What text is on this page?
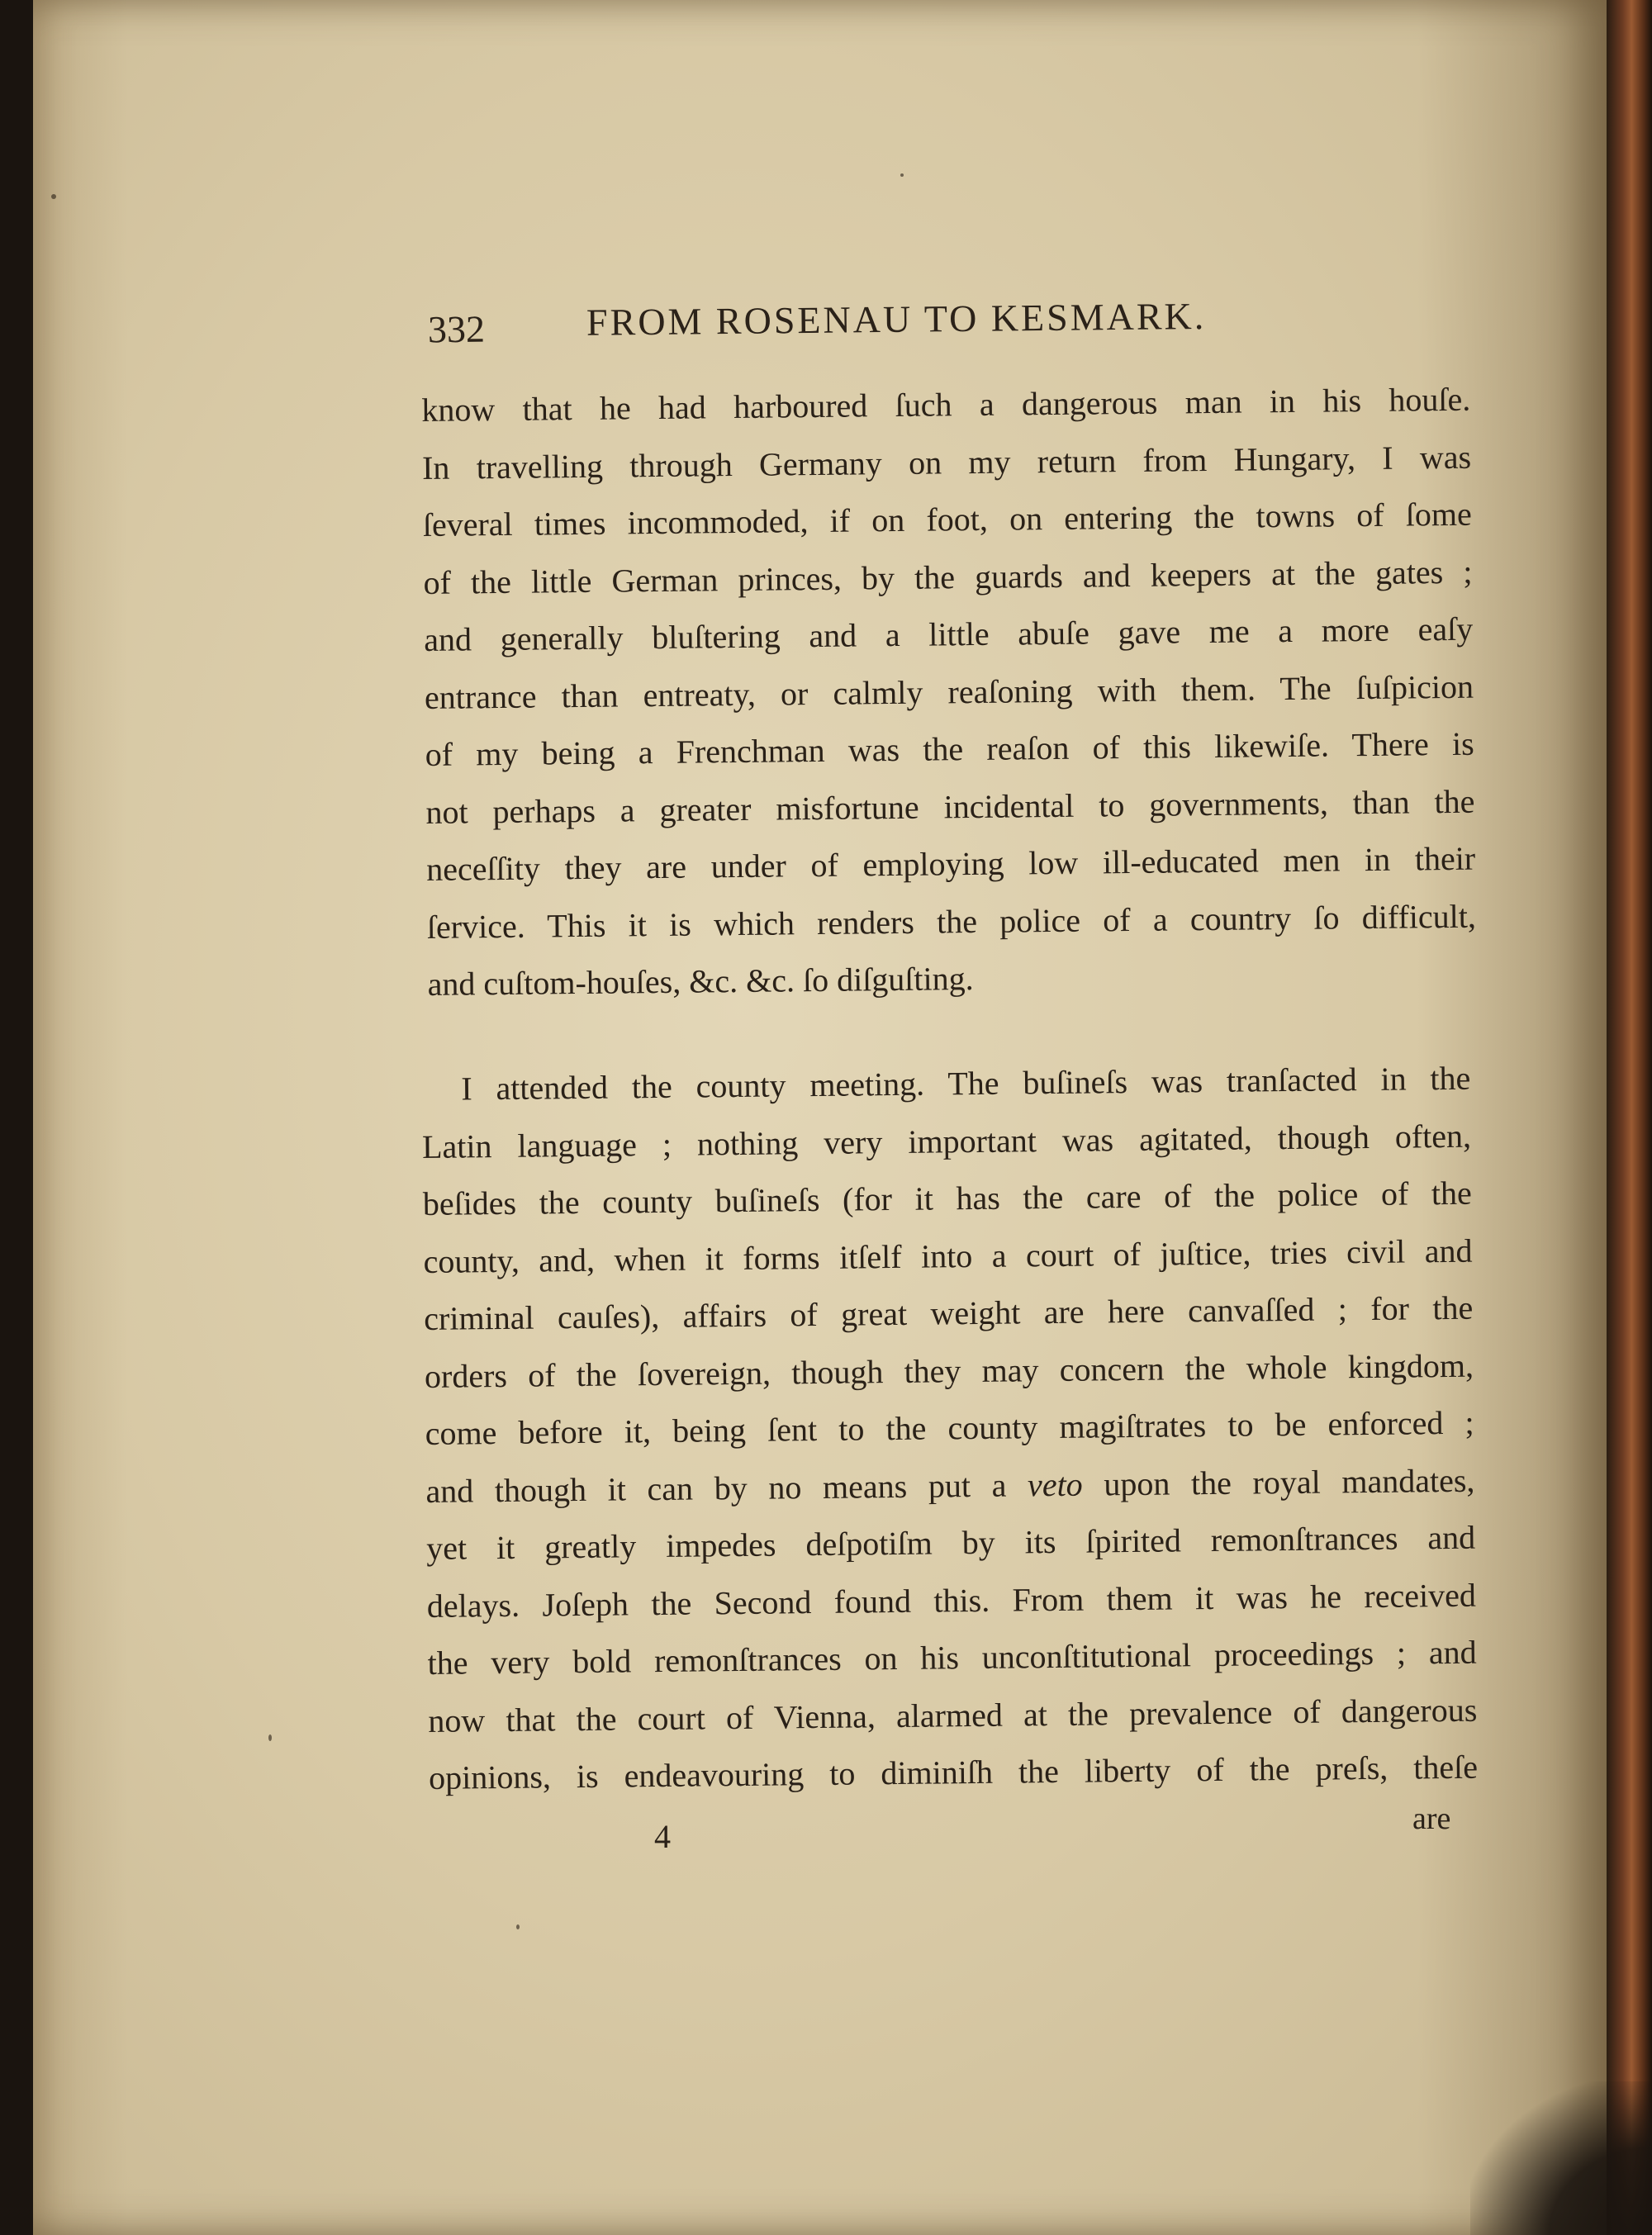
332	FROM ROSENAU TO KESMARK.
know that he had harboured ſuch a dangerous man in his houſe.
In travelling through Germany on my return from Hungary, I was
ſeveral times incommoded, if on foot, on entering the towns of ſome
of the little German princes, by the guards and keepers at the gates ;
and generally bluſtering and a little abuſe gave me a more eaſy
entrance than entreaty, or calmly reaſoning with them. The ſuſpicion
of my being a Frenchman was the reaſon of this likewiſe. There is
not perhaps a greater misfortune incidental to governments, than the
neceſſity they are under of employing low ill-educated men in their
ſervice. This it is which renders the police of a country ſo difficult,
and cuſtom-houſes, &c. &c. ſo diſguſting.
I attended the county meeting. The buſineſs was tranſacted in the
Latin language ; nothing very important was agitated, though often,
beſides the county buſineſs (for it has the care of the police of the
county, and, when it forms itſelf into a court of juſtice, tries civil and
criminal cauſes), affairs of great weight are here canvaſſed ; for the
orders of the ſovereign, though they may concern the whole kingdom,
come before it, being ſent to the county magiſtrates to be enforced ;
and though it can by no means put a veto upon the royal mandates,
yet it greatly impedes deſpotiſm by its ſpirited remonſtrances and
delays. Joſeph the Second found this. From them it was he received
the very bold remonſtrances on his unconſtitutional proceedings ; and
now that the court of Vienna, alarmed at the prevalence of dangerous
opinions, is endeavouring to diminiſh the liberty of the preſs, theſe
4	are
